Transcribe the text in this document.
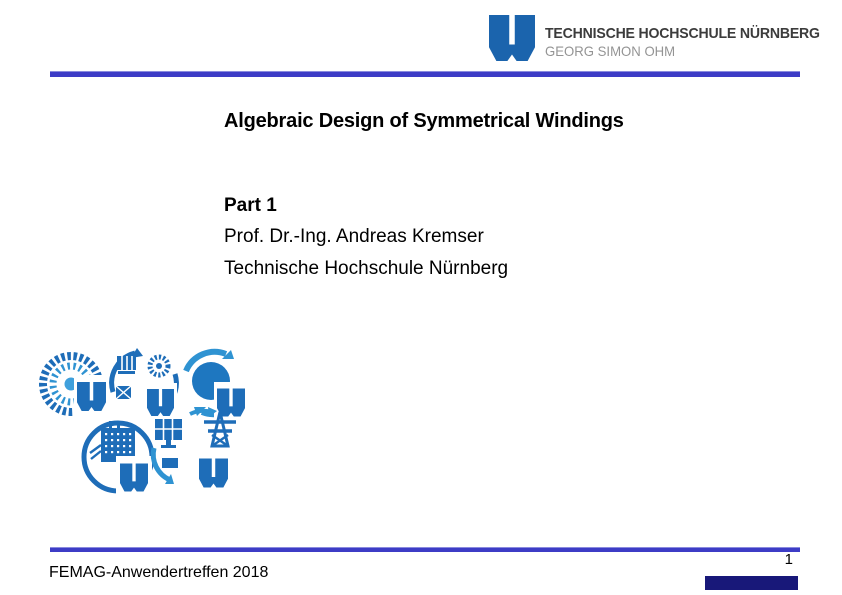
TECHNISCHE HOCHSCHULE NÜRNBERG
GEORG SIMON OHM
Algebraic Design of Symmetrical Windings
Part 1
Prof. Dr.-Ing. Andreas Kremser
Technische Hochschule Nürnberg
FEMAG-Anwendertreffen 2018
1
